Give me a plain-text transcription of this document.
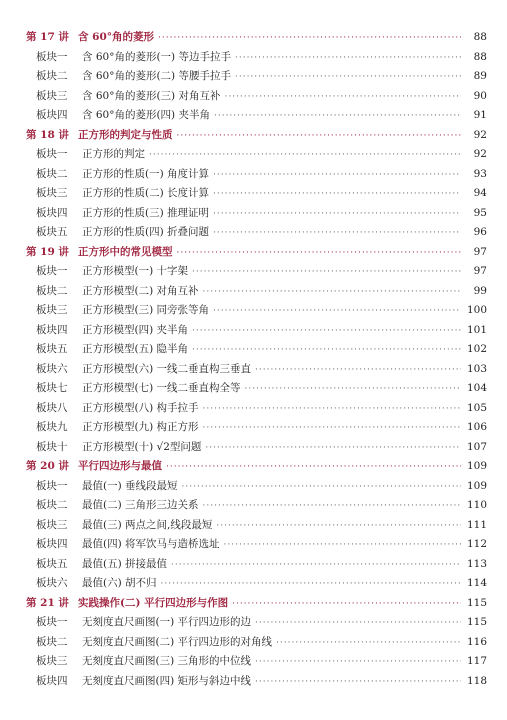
第 17 讲 含 60°角的菱形 ·····	88
板块一	含 60°角的菱形(一) 等边手拉手 ·····	88
板块二	含 60°角的菱形(二) 等腰手拉手 ·····	89
板块三	含 60°角的菱形(三) 对角互补 ·····	90
板块四	含 60°角的菱形(四) 夹半角 ·····	91
第 18 讲 正方形的判定与性质 ·····	92
板块一	正方形的判定 ·····	92
板块二	正方形的性质(一) 角度计算 ·····	93
板块三	正方形的性质(二) 长度计算 ·····	94
板块四	正方形的性质(三) 推理证明 ·····	95
板块五	正方形的性质(四) 折叠问题 ·····	96
第 19 讲 正方形中的常见模型 ·····	97
板块一	正方形模型(一) 十字架 ·····	97
板块二	正方形模型(二) 对角互补 ·····	99
板块三	正方形模型(三) 同旁张等角 ·····	100
板块四	正方形模型(四) 夹半角 ·····	101
板块五	正方形模型(五) 隐半角 ·····	102
板块六	正方形模型(六) 一线二垂直构三垂直 ·····	103
板块七	正方形模型(七) 一线二垂直构全等 ·····	104
板块八	正方形模型(八) 构手拉手 ·····	105
板块九	正方形模型(九) 构正方形 ·····	106
板块十	正方形模型(十) √2型问题 ·····	107
第 20 讲 平行四边形与最值 ·····	109
板块一	最值(一) 垂线段最短 ·····	109
板块二	最值(二) 三角形三边关系 ·····	110
板块三	最值(三) 两点之间,线段最短 ·····	111
板块四	最值(四) 将军饮马与造桥选址 ·····	112
板块五	最值(五) 拼接最值 ·····	113
板块六	最值(六) 胡不归 ·····	114
第 21 讲 实践操作(二) 平行四边形与作图 ·····	115
板块一	无刻度直尺画图(一) 平行四边形的边 ·····	115
板块二	无刻度直尺画图(二) 平行四边形的对角线 ·····	116
板块三	无刻度直尺画图(三) 三角形的中位线 ·····	117
板块四	无刻度直尺画图(四) 矩形与斜边中线 ·····	118
